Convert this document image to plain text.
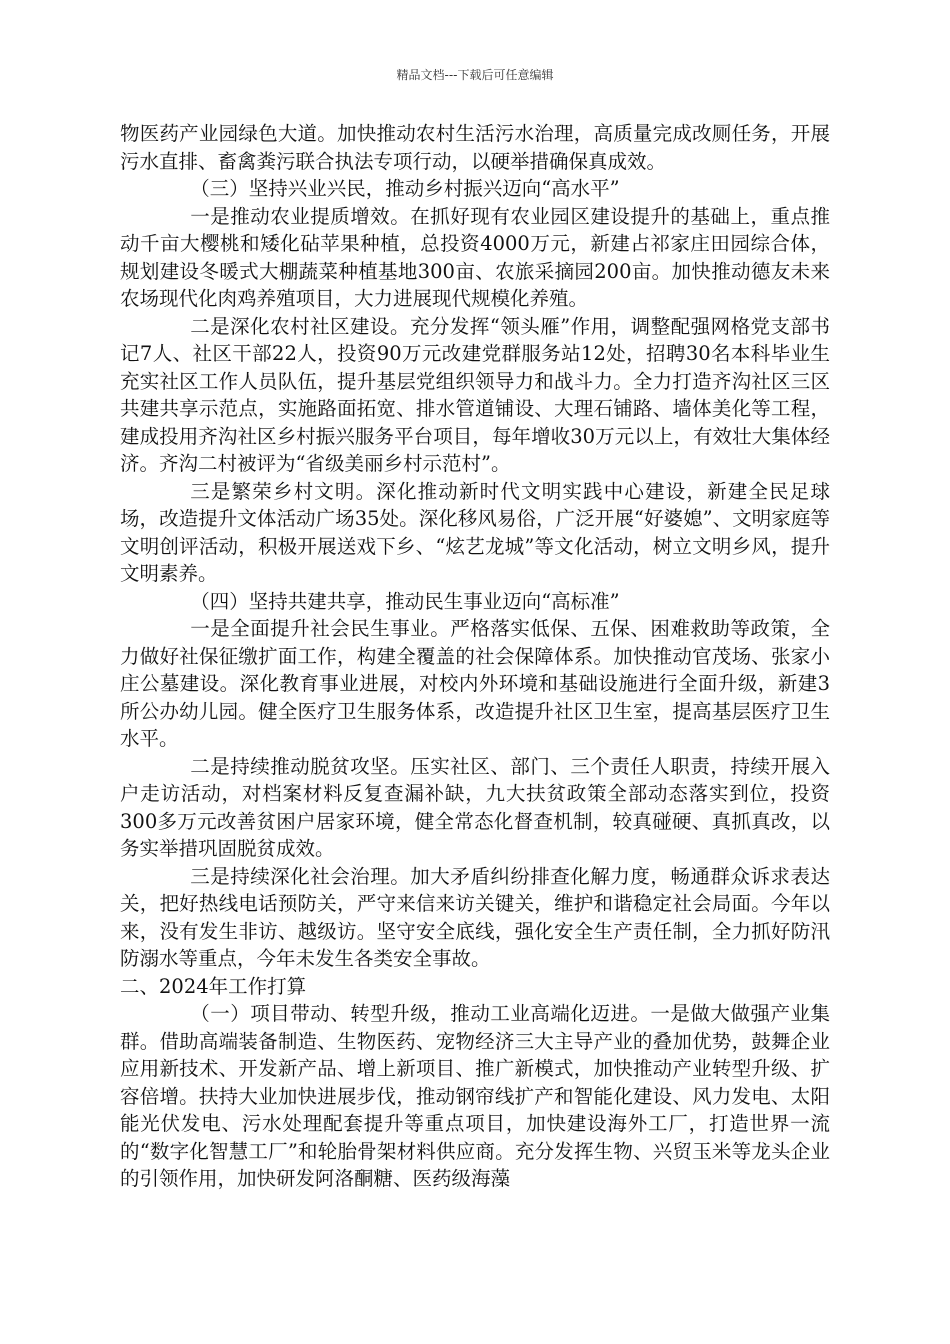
精品文档---下载后可任意编辑

物医药产业园绿色大道。加快推动农村生活污水治理，高质量完成改厕任务，开展污水直排、畜禽粪污联合执法专项行动，以硬举措确保真成效。

（三）坚持兴业兴民，推动乡村振兴迈向“高水平”

一是推动农业提质增效。在抓好现有农业园区建设提升的基础上，重点推动千亩大樱桃和矮化砧苹果种植，总投资4000万元，新建占祁家庄田园综合体，规划建设冬暖式大棚蔬菜种植基地300亩、农旅采摘园200亩。加快推动德友未来农场现代化肉鸡养殖项目，大力进展现代规模化养殖。

二是深化农村社区建设。充分发挥“领头雁”作用，调整配强网格党支部书记7人、社区干部22人，投资90万元改建党群服务站12处，招聘30名本科毕业生充实社区工作人员队伍，提升基层党组织领导力和战斗力。全力打造齐沟社区三区共建共享示范点，实施路面拓宽、排水管道铺设、大理石铺路、墙体美化等工程，建成投用齐沟社区乡村振兴服务平台项目，每年增收30万元以上，有效壮大集体经济。齐沟二村被评为“省级美丽乡村示范村”。

三是繁荣乡村文明。深化推动新时代文明实践中心建设，新建全民足球场，改造提升文体活动广场35处。深化移风易俗，广泛开展“好婆媳”、文明家庭等文明创评活动，积极开展送戏下乡、“炫艺龙城”等文化活动，树立文明乡风，提升文明素养。

（四）坚持共建共享，推动民生事业迈向“高标准”

一是全面提升社会民生事业。严格落实低保、五保、困难救助等政策，全力做好社保征缴扩面工作，构建全覆盖的社会保障体系。加快推动官茂场、张家小庄公墓建设。深化教育事业进展，对校内外环境和基础设施进行全面升级，新建3所公办幼儿园。健全医疗卫生服务体系，改造提升社区卫生室，提高基层医疗卫生水平。

二是持续推动脱贫攻坚。压实社区、部门、三个责任人职责，持续开展入户走访活动，对档案材料反复查漏补缺，九大扶贫政策全部动态落实到位，投资300多万元改善贫困户居家环境，健全常态化督查机制，较真碰硬、真抓真改，以务实举措巩固脱贫成效。

三是持续深化社会治理。加大矛盾纠纷排查化解力度，畅通群众诉求表达关，把好热线电话预防关，严守来信来访关键关，维护和谐稳定社会局面。今年以来，没有发生非访、越级访。坚守安全底线，强化安全生产责任制，全力抓好防汛防溺水等重点，今年未发生各类安全事故。

二、2024年工作打算

（一）项目带动、转型升级，推动工业高端化迈进。一是做大做强产业集群。借助高端装备制造、生物医药、宠物经济三大主导产业的叠加优势，鼓舞企业应用新技术、开发新产品、增上新项目、推广新模式，加快推动产业转型升级、扩容倍增。扶持大业加快进展步伐，推动钢帘线扩产和智能化建设、风力发电、太阳能光伏发电、污水处理配套提升等重点项目，加快建设海外工厂，打造世界一流的“数字化智慧工厂”和轮胎骨架材料供应商。充分发挥生物、兴贸玉米等龙头企业的引领作用，加快研发阿洛酮糖、医药级海藻
